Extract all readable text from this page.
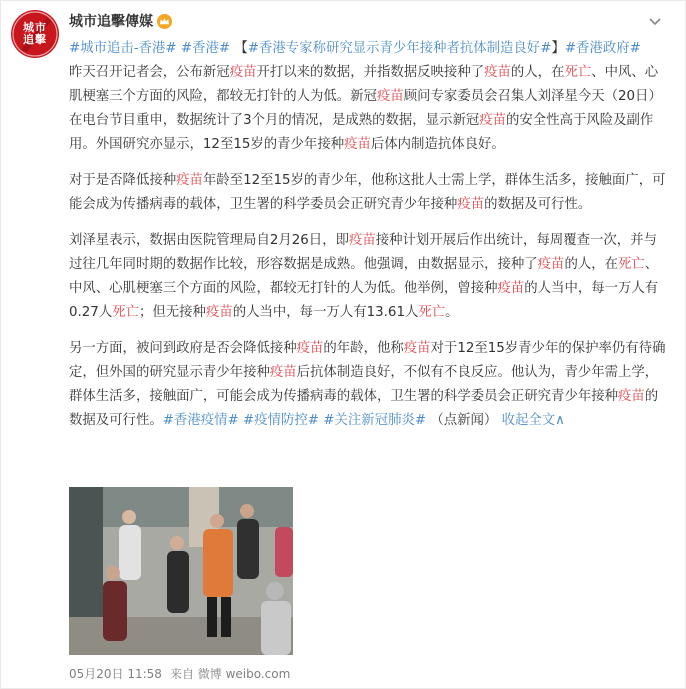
城市
追擊
城市追擊傳媒

#城市追击-香港# #香港# 【#香港专家称研究显示青少年接种者抗体制造良好#】#香港政府#
昨天召开记者会，公布新冠疫苗开打以来的数据，并指数据反映接种了疫苗的人，在死亡、中风、心肌梗塞三个方面的风险，都较无打针的人为低。新冠疫苗顾问专家委员会召集人刘泽星今天（20日）在电台节目重申，数据统计了3个月的情况，是成熟的数据，显示新冠疫苗的安全性高于风险及副作用。外国研究亦显示，12至15岁的青少年接种疫苗后体内制造抗体良好。

对于是否降低接种疫苗年龄至12至15岁的青少年，他称这批人士需上学，群体生活多，接触面广，可能会成为传播病毒的载体，卫生署的科学委员会正研究青少年接种疫苗的数据及可行性。

刘泽星表示，数据由医院管理局自2月26日，即疫苗接种计划开展后作出统计，每周覆查一次，并与过往几年同时期的数据作比较，形容数据是成熟。他强调，由数据显示，接种了疫苗的人，在死亡、中风、心肌梗塞三个方面的风险，都较无打针的人为低。他举例，曾接种疫苗的人当中，每一万人有0.27人死亡；但无接种疫苗的人当中，每一万人有13.61人死亡。

另一方面，被问到政府是否会降低接种疫苗的年龄，他称疫苗对于12至15岁青少年的保护率仍有待确定，但外国的研究显示青少年接种疫苗后抗体制造良好，不似有不良反应。他认为，青少年需上学，群体生活多，接触面广，可能会成为传播病毒的载体，卫生署的科学委员会正研究青少年接种疫苗的数据及可行性。#香港疫情# #疫情防控# #关注新冠肺炎# （点新闻） 收起全文∧

05月20日 11:58 来自 微博 weibo.com
